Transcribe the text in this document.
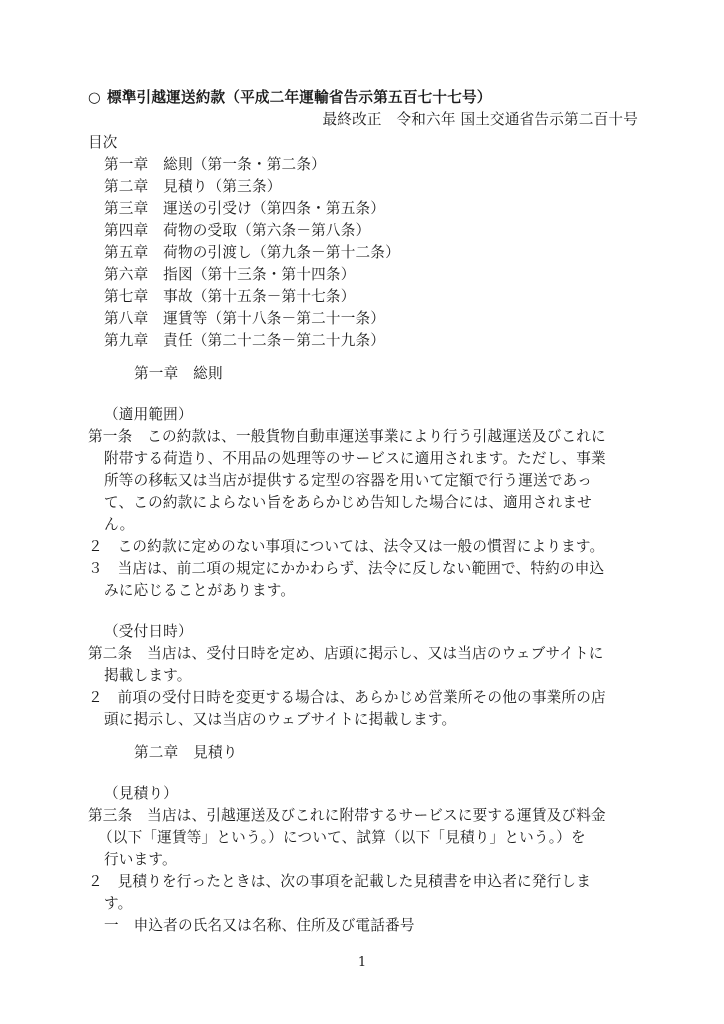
○ 標準引越運送約款（平成二年運輸省告示第五百七十七号）
最終改正　令和六年 国土交通省告示第二百十号
目次
第一章　総則（第一条・第二条）
第二章　見積り（第三条）
第三章　運送の引受け（第四条・第五条）
第四章　荷物の受取（第六条－第八条）
第五章　荷物の引渡し（第九条－第十二条）
第六章　指図（第十三条・第十四条）
第七章　事故（第十五条－第十七条）
第八章　運賃等（第十八条－第二十一条）
第九章　責任（第二十二条－第二十九条）
第一章　総則
（適用範囲）
第一条　この約款は、一般貨物自動車運送事業により行う引越運送及びこれに
附帯する荷造り、不用品の処理等のサービスに適用されます。ただし、事業
所等の移転又は当店が提供する定型の容器を用いて定額で行う運送であっ
て、この約款によらない旨をあらかじめ告知した場合には、適用されませ
ん。
２　この約款に定めのない事項については、法令又は一般の慣習によります。
３　当店は、前二項の規定にかかわらず、法令に反しない範囲で、特約の申込
みに応じることがあります。
（受付日時）
第二条　当店は、受付日時を定め、店頭に掲示し、又は当店のウェブサイトに
掲載します。
２　前項の受付日時を変更する場合は、あらかじめ営業所その他の事業所の店
頭に掲示し、又は当店のウェブサイトに掲載します。
第二章　見積り
（見積り）
第三条　当店は、引越運送及びこれに附帯するサービスに要する運賃及び料金
（以下「運賃等」という。）について、試算（以下「見積り」という。）を
行います。
２　見積りを行ったときは、次の事項を記載した見積書を申込者に発行しま
す。
一　申込者の氏名又は名称、住所及び電話番号
1
